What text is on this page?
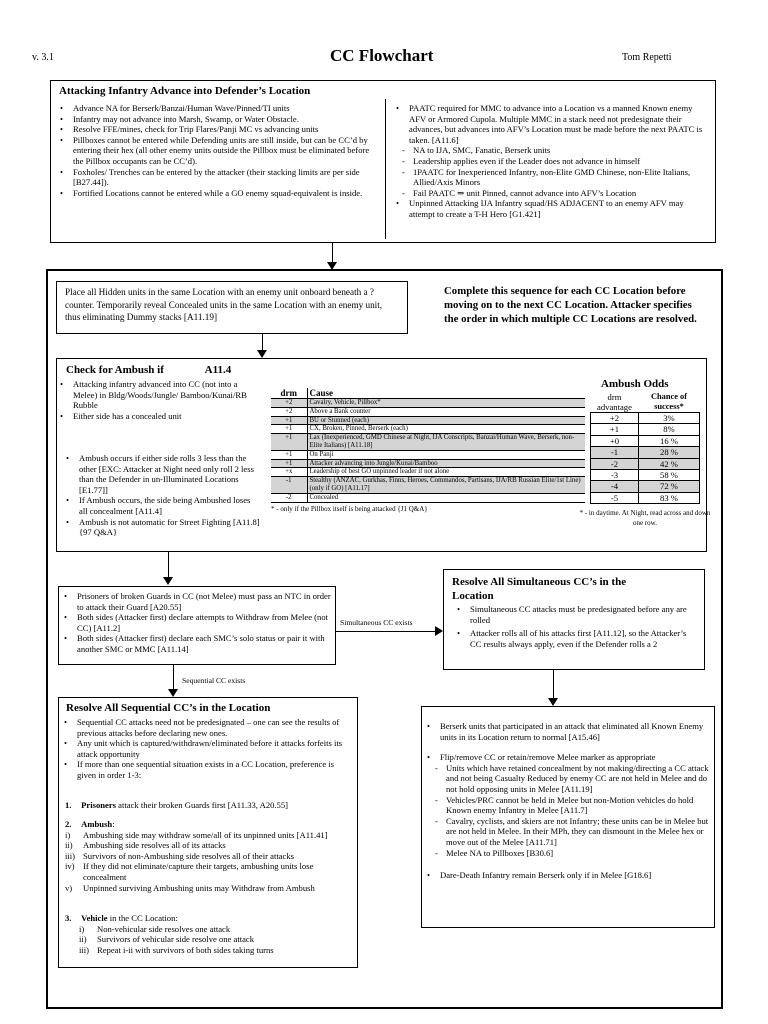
v. 3.1	CC Flowchart	Tom Repetti
Attacking Infantry Advance into Defender’s Location
• Advance NA for Berserk/Banzai/Human Wave/Pinned/TI units
• Infantry may not advance into Marsh, Swamp, or Water Obstacle.
• Resolve FFE/mines, check for Trip Flares/Panji MC vs advancing units
• Pillboxes cannot be entered while Defending units are still inside, but can be CC’d by entering their hex (all other enemy units outside the Pillbox must be eliminated before the Pillbox occupants can be CC’d).
• Foxholes/ Trenches can be entered by the attacker (their stacking limits are per side [B27.44]).
• Fortified Locations cannot be entered while a GO enemy squad-equivalent is inside.
• PAATC required for MMC to advance into a Location vs a manned Known enemy AFV or Armored Cupola. Multiple MMC in a stack need not predesignate their advances, but advances into AFV’s Location must be made before the next PAATC is taken. [A11.6]
- NA to IJA, SMC, Fanatic, Berserk units
- Leadership applies even if the Leader does not advance in himself
- 1PAATC for Inexperienced Infantry, non-Elite GMD Chinese, non-Elite Italians, Allied/Axis Minors
- Fail PAATC ⇒ unit Pinned, cannot advance into AFV’s Location
• Unpinned Attacking IJA Infantry squad/HS ADJACENT to an enemy AFV may attempt to create a T-H Hero [G1.421]
Place all Hidden units in the same Location with an enemy unit onboard beneath a ? counter. Temporarily reveal Concealed units in the same Location with an enemy unit, thus eliminating Dummy stacks [A11.19]
Complete this sequence for each CC Location before moving on to the next CC Location. Attacker specifies the order in which multiple CC Locations are resolved.
Check for Ambush if	A11.4
• Attacking infantry advanced into CC (not into a Melee) in Bldg/Woods/Jungle/ Bamboo/Kunai/RB Rubble
• Either side has a concealed unit
• Ambush occurs if either side rolls 3 less than the other [EXC: Attacker at Night need only roll 2 less than the Defender in un-Illuminated Locations [E1.77]]
• If Ambush occurs, the side being Ambushed loses all concealment [A11.4]
• Ambush is not automatic for Street Fighting [A11.8] {97 Q&A}
drm	Cause
+2	Cavalry, Vehicle, Pillbox*
+2	Above a Bank counter
+1	BU or Stunned (each)
+1	CX, Broken, Pinned, Berserk (each)
+1	Lax (Inexperienced, GMD Chinese at Night, IJA Conscripts, Banzai/Human Wave, Berserk, non-Elite Italians) [A11.18]
+1	On Panji
+1	Attacker advancing into Jungle/Kunai/Bamboo
+x	Leadership of best GO unpinned leader if not alone
-1	Stealthy (ANZAC, Gurkhas, Finns, Heroes, Commandos, Partisans, IJA/RB Russian Elite/1st Line) (only if GO) [A11.17]
-2	Concealed
* - only if the Pillbox itself is being attacked {J1 Q&A}
Ambush Odds
drm advantage	Chance of success*
+2	3%
+1	8%
+0	16 %
-1	28 %
-2	42 %
-3	58 %
-4	72 %
-5	83 %
* - in daytime. At Night, read across and down one row.
• Prisoners of broken Guards in CC (not Melee) must pass an NTC in order to attack their Guard [A20.55]
• Both sides (Attacker first) declare attempts to Withdraw from Melee (not CC) [A11.2]
• Both sides (Attacker first) declare each SMC’s solo status or pair it with another SMC or MMC [A11.14]
Simultaneous CC exists
Resolve All Simultaneous CC’s in the Location
• Simultaneous CC attacks must be predesignated before any are rolled
• Attacker rolls all of his attacks first [A11.12], so the Attacker’s CC results always apply, even if the Defender rolls a 2
Sequential CC exists
Resolve All Sequential CC’s in the Location
• Sequential CC attacks need not be predesignated – one can see the results of previous attacks before declaring new ones.
• Any unit which is captured/withdrawn/eliminated before it attacks forfeits its attack opportunity
• If more than one sequential situation exists in a CC Location, preference is given in order 1-3:
1. Prisoners attack their broken Guards first [A11.33, A20.55]
2. Ambush:
i)	Ambushing side may withdraw some/all of its unpinned units [A11.41]
ii)	Ambushing side resolves all of its attacks
iii) Survivors of non-Ambushing side resolves all of their attacks
iv) If they did not eliminate/capture their targets, ambushing units lose concealment
v)	Unpinned surviving Ambushing units may Withdraw from Ambush
3. Vehicle in the CC Location:
i)	Non-vehicular side resolves one attack
ii)	Survivors of vehicular side resolve one attack
iii) Repeat i-ii with survivors of both sides taking turns
• Berserk units that participated in an attack that eliminated all Known Enemy units in its Location return to normal [A15.46]
• Flip/remove CC or retain/remove Melee marker as appropriate
- Units which have retained concealment by not making/directing a CC attack and not being Casualty Reduced by enemy CC are not held in Melee and do not hold opposing units in Melee [A11.19]
- Vehicles/PRC cannot be held in Melee but non-Motion vehicles do hold Known enemy Infantry in Melee [A11.7]
- Cavalry, cyclists, and skiers are not Infantry; these units can be in Melee but are not held in Melee. In their MPh, they can dismount in the Melee hex or move out of the Melee [A11.71]
- Melee NA to Pillboxes [B30.6]
• Dare-Death Infantry remain Berserk only if in Melee [G18.6]
